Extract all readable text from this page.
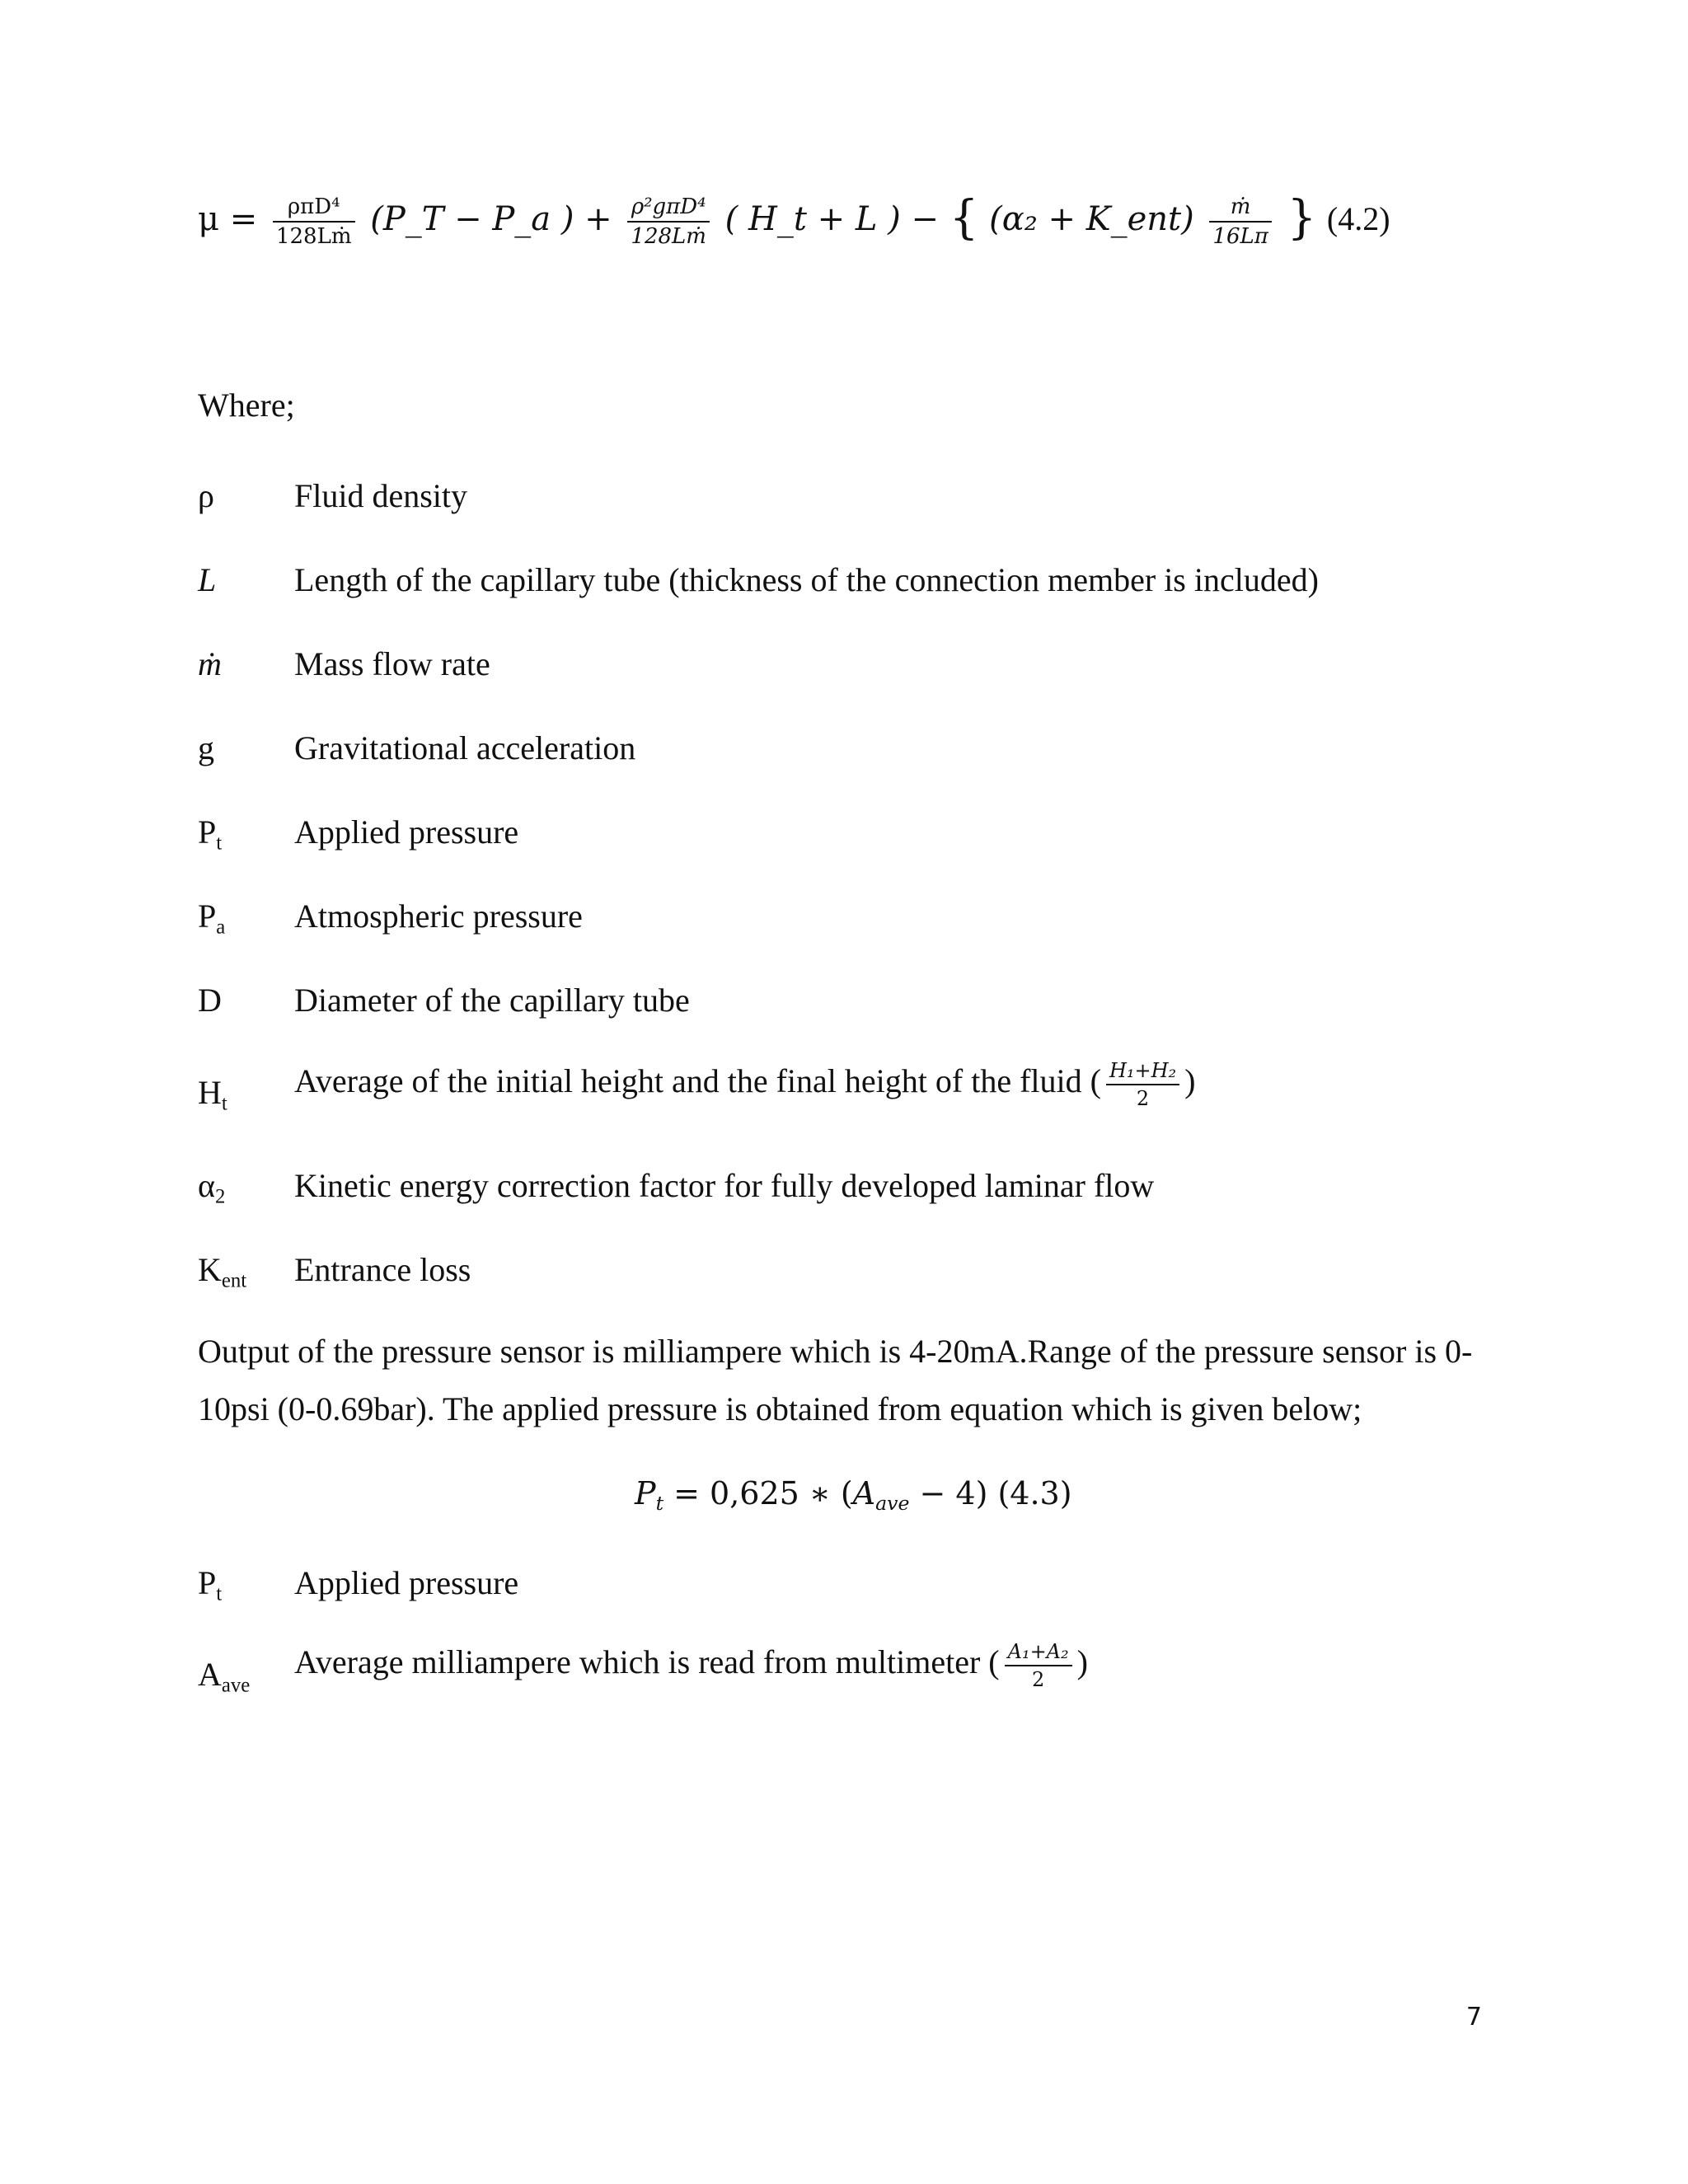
$\mu = \frac{\text{ρπD⁴}}{\text{128Lṁ}}$ (P_T − P_a ) + $\frac{\text{ρ²gπD⁴}}{\text{128Lṁ}}$ ( H_t + L ) − { (α₂ + K_ent) $\frac{\text{ṁ}}{16L\pi}$ } (4.2)
Where;
ρ Fluid density
L Length of the capillary tube (thickness of the connection member is included)
ṁ Mass flow rate
g Gravitational acceleration
$P_t$ Applied pressure
$P_a$ Atmospheric pressure
D Diameter of the capillary tube
$H_t$
Average of the initial height and the final height of the fluid ( $\frac{\text{H₁+H₂}}{2}$ )
$\alpha_2$ Kinetic energy correction factor for fully developed laminar flow
$K_{ent}$ Entrance loss
Output of the pressure sensor is milliampere which is 4-20mA.Range of the pressure sensor is 0-
10psi (0-0.69bar). The applied pressure is obtained from equation which is given below;
$P_t = 0,625$ ∗ $(A_{ave} - 4)$ (4.3)
$P_t$ Applied pressure
$A_{ave}$
Average milliampere which is read from multimeter ( $\frac{\text{A₁+A₂}}{2}$ )
7
